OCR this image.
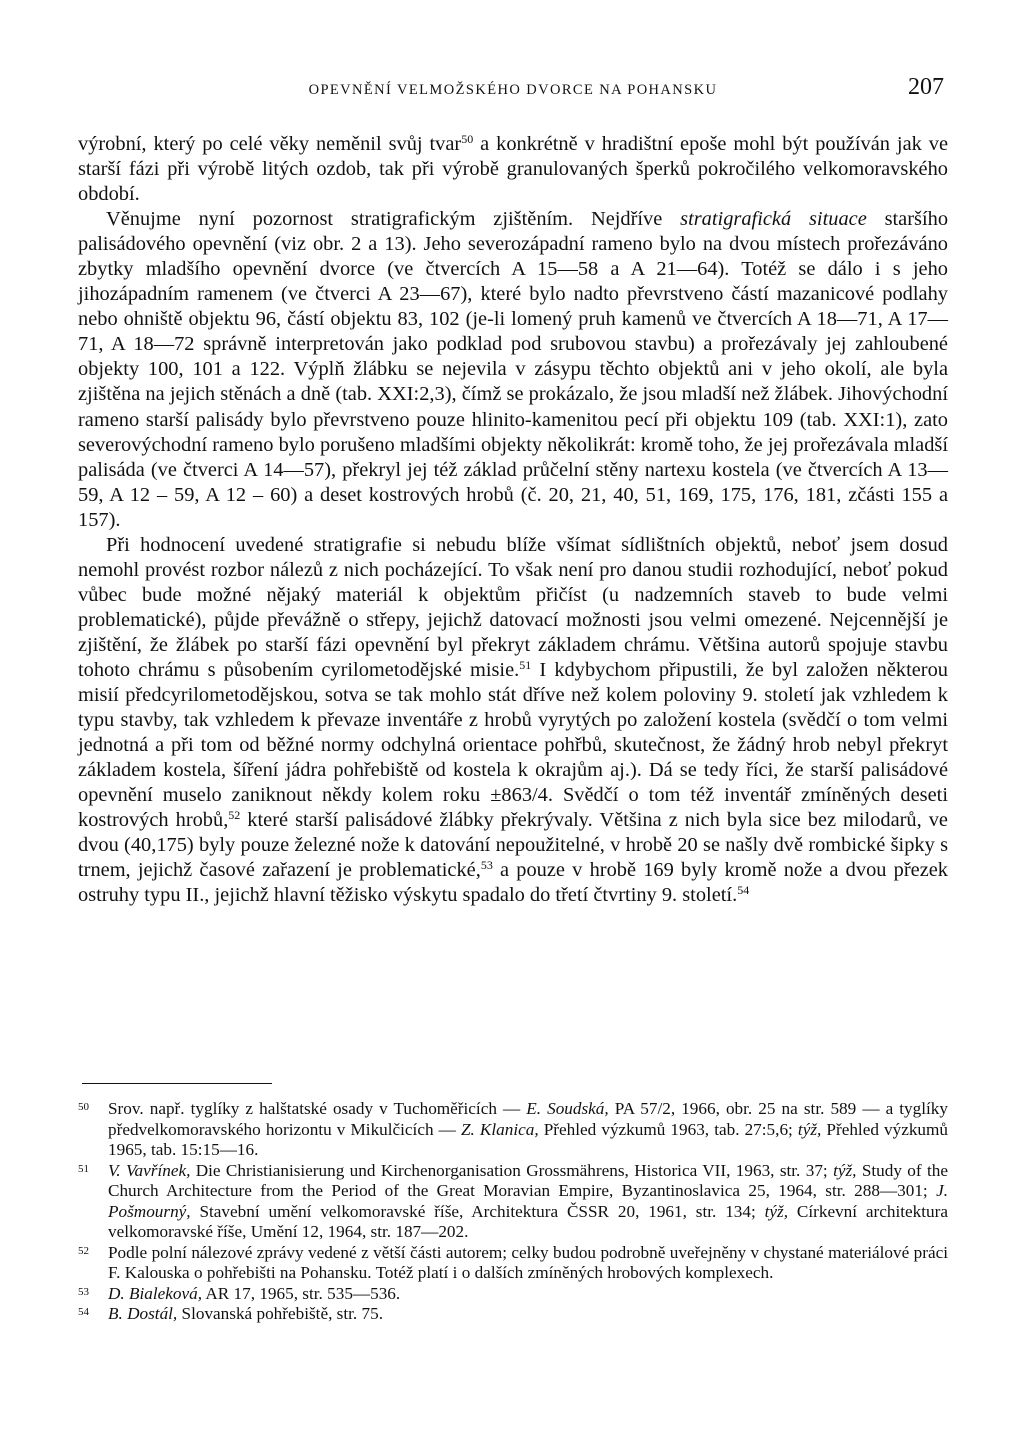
OPEVNĚNÍ VELMOŽSKÉHO DVORCE NA POHANSKU	207

výrobní, který po celé věky neměnil svůj tvar$^{50}$ a konkrétně v hradištní epoše mohl být používán jak ve starší fázi při výrobě litých ozdob, tak při výrobě granulovaných šperků pokročilého velkomoravského období.

Věnujme nyní pozornost stratigrafickým zjištěním. Nejdříve stratigrafická situace staršího palisádového opevnění (viz obr. 2 a 13). Jeho severozápadní rameno bylo na dvou místech prořezáváno zbytky mladšího opevnění dvorce (ve čtvercích A 15—58 a A 21—64). Totéž se dálo i s jeho jihozápadním ramenem (ve čtverci A 23—67), které bylo nadto převrstveno částí mazanicové podlahy nebo ohniště objektu 96, částí objektu 83, 102 (je-li lomený pruh kamenů ve čtvercích A 18—71, A 17—71, A 18—72 správně interpretován jako podklad pod srubovou stavbu) a prořezávaly jej zahloubené objekty 100, 101 a 122. Výplň žlábku se nejevila v zásypu těchto objektů ani v jeho okolí, ale byla zjištěna na jejich stěnách a dně (tab. XXI:2,3), čímž se prokázalo, že jsou mladší než žlábek. Jihovýchodní rameno starší palisády bylo převrstveno pouze hlinito-kamenitou pecí při objektu 109 (tab. XXI:1), zato severovýchodní rameno bylo porušeno mladšími objekty několikrát: kromě toho, že jej prořezávala mladší palisáda (ve čtverci A 14—57), překryl jej též základ průčelní stěny nartexu kostela (ve čtvercích A 13—59, A 12 – 59, A 12 – 60) a deset kostrových hrobů (č. 20, 21, 40, 51, 169, 175, 176, 181, zčásti 155 a 157).

Při hodnocení uvedené stratigrafie si nebudu blíže všímat sídlištních objektů, neboť jsem dosud nemohl provést rozbor nálezů z nich pocházející. To však není pro danou studii rozhodující, neboť pokud vůbec bude možné nějaký materiál k objektům přičíst (u nadzemních staveb to bude velmi problematické), půjde převážně o střepy, jejichž datovací možnosti jsou velmi omezené. Nejcennější je zjištění, že žlábek po starší fázi opevnění byl překryt základem chrámu. Většina autorů spojuje stavbu tohoto chrámu s působením cyrilometodějské misie.$^{51}$ I kdybychom připustili, že byl založen některou misií předcyrilometodějskou, sotva se tak mohlo stát dříve než kolem poloviny 9. století jak vzhledem k typu stavby, tak vzhledem k převaze inventáře z hrobů vyrytých po založení kostela (svědčí o tom velmi jednotná a při tom od běžné normy odchylná orientace pohřbů, skutečnost, že žádný hrob nebyl překryt základem kostela, šíření jádra pohřebiště od kostela k okrajům aj.). Dá se tedy říci, že starší palisádové opevnění muselo zaniknout někdy kolem roku ±863/4. Svědčí o tom též inventář zmíněných deseti kostrových hrobů,$^{52}$ které starší palisádové žlábky překrývaly. Většina z nich byla sice bez milodarů, ve dvou (40,175) byly pouze železné nože k datování nepoužitelné, v hrobě 20 se našly dvě rombické šipky s trnem, jejichž časové zařazení je problematické,$^{53}$ a pouze v hrobě 169 byly kromě nože a dvou přezek ostruhy typu II., jejichž hlavní těžisko výskytu spadalo do třetí čtvrtiny 9. století.$^{54}$

50 Srov. např. tyglíky z halštatské osady v Tuchoměřicích — E. Soudská, PA 57/2, 1966, obr. 25 na str. 589 — a tyglíky předvelkomoravského horizontu v Mikulčicích — Z. Klanica, Přehled výzkumů 1963, tab. 27:5,6; týž, Přehled výzkumů 1965, tab. 15:15—16.

51 V. Vavřínek, Die Christianisierung und Kirchenorganisation Grossmährens, Historica VII, 1963, str. 37; týž, Study of the Church Architecture from the Period of the Great Moravian Empire, Byzantinoslavica 25, 1964, str. 288—301; J. Pošmourný, Stavební umění velkomoravské říše, Architektura ČSSR 20, 1961, str. 134; týž, Církevní architektura velkomoravské říše, Umění 12, 1964, str. 187—202.

52 Podle polní nálezové zprávy vedené z větší části autorem; celky budou podrobně uveřejněny v chystané materiálové práci F. Kalouska o pohřebišti na Pohansku. Totéž platí i o dalších zmíněných hrobových komplexech.

53 D. Bialeková, AR 17, 1965, str. 535—536.

54 B. Dostál, Slovanská pohřebiště, str. 75.
